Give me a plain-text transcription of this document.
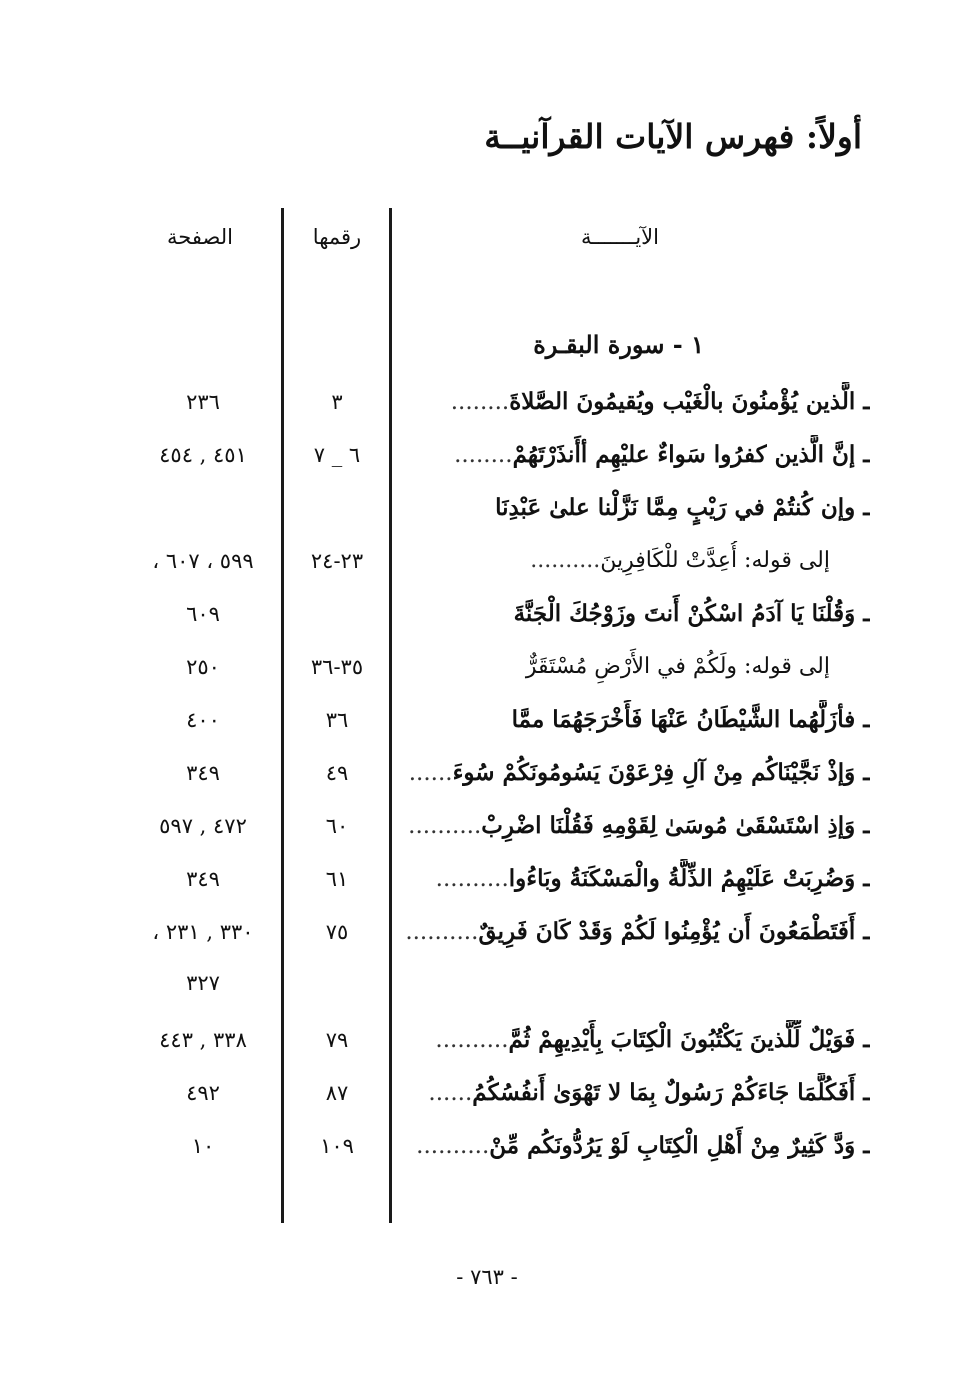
أولاً: فهرس الآيات القرآنيــة
الآيـــــــة
رقمها
الصفحة
١ - سورة البقـرة
ـ الَّذين يُؤْمنُونَ بالْغَيْب ويُقيمُونَ الصَّلاةَ........
٣
٢٣٦
ـ إنَّ الَّذين كفرُوا سَواءٌ عليْهِم أأَنذَرْتَهُمْ........
٦ _ ٧
٤٥١ , ٤٥٤
ـ وإن كُنتُمْ في رَيْبٍ مِمَّا نَزَّلْنا علىٰ عَبْدِنَا
إلى قوله: أُعِدَّتْ للْكَافِرِينَ..........
٢٣-٢٤
٥٩٩ ، ٦٠٧ ،
ـ وَقُلْنَا يَا آدَمُ اسْكُنْ أَنتَ وزَوْجُكَ الْجَنَّةَ
٦٠٩
إلى قوله: ولَكُمْ في الأَرْضِ مُسْتَقَرٌّ
٣٥-٣٦
٢٥٠
ـ فأزَلَّهُما الشَّيْطَانُ عَنْهَا فَأَخْرَجَهُمَا ممَّا
٣٦
٤٠٠
ـ وَإذْ نَجَّيْنَاكُم مِنْ آلِ فِرْعَوْنَ يَسُومُونَكُمْ سُوءَ......
٤٩
٣٤٩
ـ وَإذِ اسْتَسْقَىٰ مُوسَىٰ لِقَوْمِهِ فَقُلْنَا اضْرِبْ..........
٦٠
٤٧٢ , ٥٩٧
ـ وَضُرِبَتْ عَلَيْهِمُ الذِّلَّةُ والْمَسْكَنَةُ وبَاءُوا..........
٦١
٣٤٩
ـ أَفَتَطْمَعُونَ أَن يُؤْمِنُوا لَكُمْ وَقَدْ كَانَ فَرِيقٌ..........
٧٥
٣٣٠ , ٢٣١ ،
٣٢٧
ـ فَوَيْلٌ لِّلَّذينَ يَكْتُبُونَ الْكِتَابَ بِأَيْدِيهِمْ ثُمَّ..........
٧٩
٣٣٨ , ٤٤٣
ـ أَفَكُلَّمَا جَاءَكُمْ رَسُولٌ بِمَا لا تَهْوَىٰ أَنفُسُكُمُ......
٨٧
٤٩٢
ـ وَدَّ كَثِيرٌ مِنْ أَهْلِ الْكِتَابِ لَوْ يَرُدُّونَكُم مِّنْ..........
١٠٩
١٠
- ٧٦٣ -
